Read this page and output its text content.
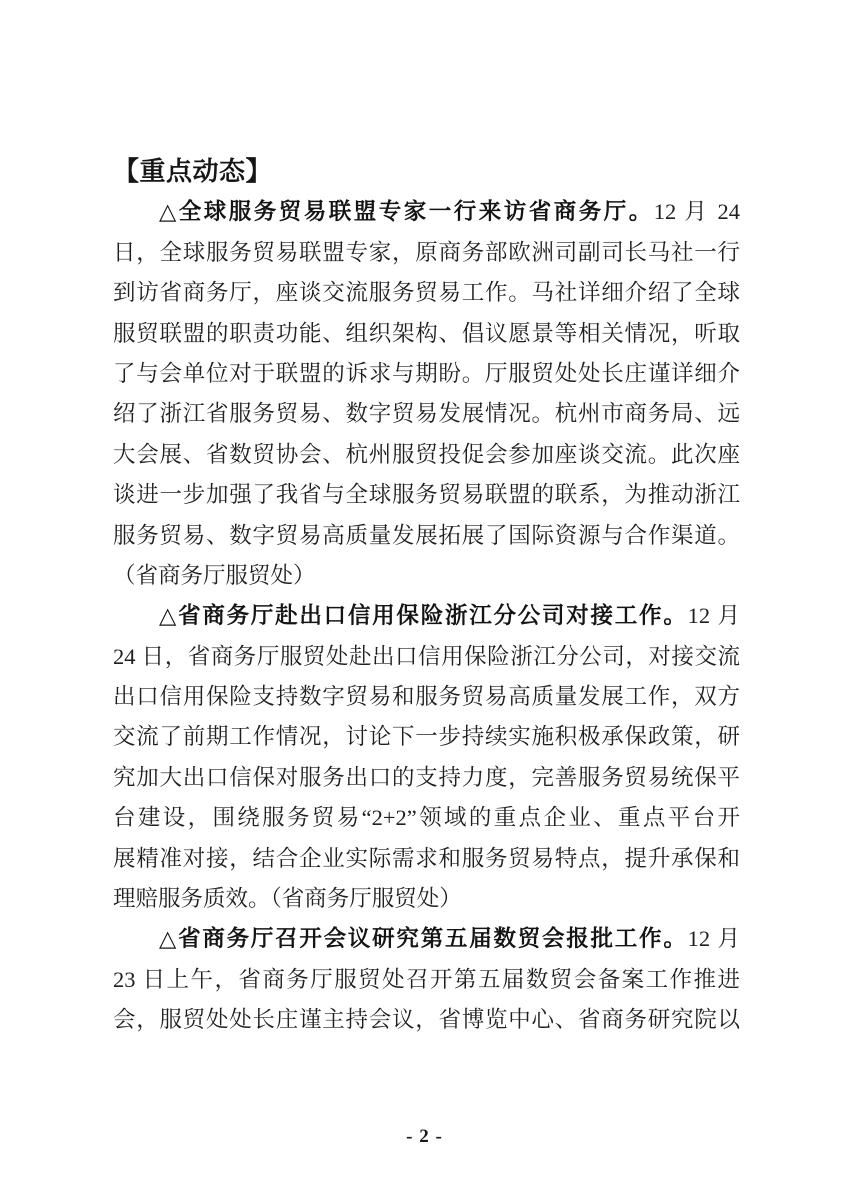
【重点动态】
△全球服务贸易联盟专家一行来访省商务厅。12 月 24
日，全球服务贸易联盟专家，原商务部欧洲司副司长马社一行
到访省商务厅，座谈交流服务贸易工作。马社详细介绍了全球
服贸联盟的职责功能、组织架构、倡议愿景等相关情况，听取
了与会单位对于联盟的诉求与期盼。厅服贸处处长庄谨详细介
绍了浙江省服务贸易、数字贸易发展情况。杭州市商务局、远
大会展、省数贸协会、杭州服贸投促会参加座谈交流。此次座
谈进一步加强了我省与全球服务贸易联盟的联系，为推动浙江
服务贸易、数字贸易高质量发展拓展了国际资源与合作渠道。
（省商务厅服贸处）
△省商务厅赴出口信用保险浙江分公司对接工作。12 月
24 日，省商务厅服贸处赴出口信用保险浙江分公司，对接交流
出口信用保险支持数字贸易和服务贸易高质量发展工作，双方
交流了前期工作情况，讨论下一步持续实施积极承保政策，研
究加大出口信保对服务出口的支持力度，完善服务贸易统保平
台建设，围绕服务贸易“2+2”领域的重点企业、重点平台开
展精准对接，结合企业实际需求和服务贸易特点，提升承保和
理赔服务质效。（省商务厅服贸处）
△省商务厅召开会议研究第五届数贸会报批工作。12 月
23 日上午，省商务厅服贸处召开第五届数贸会备案工作推进
会，服贸处处长庄谨主持会议，省博览中心、省商务研究院以
- 2 -
